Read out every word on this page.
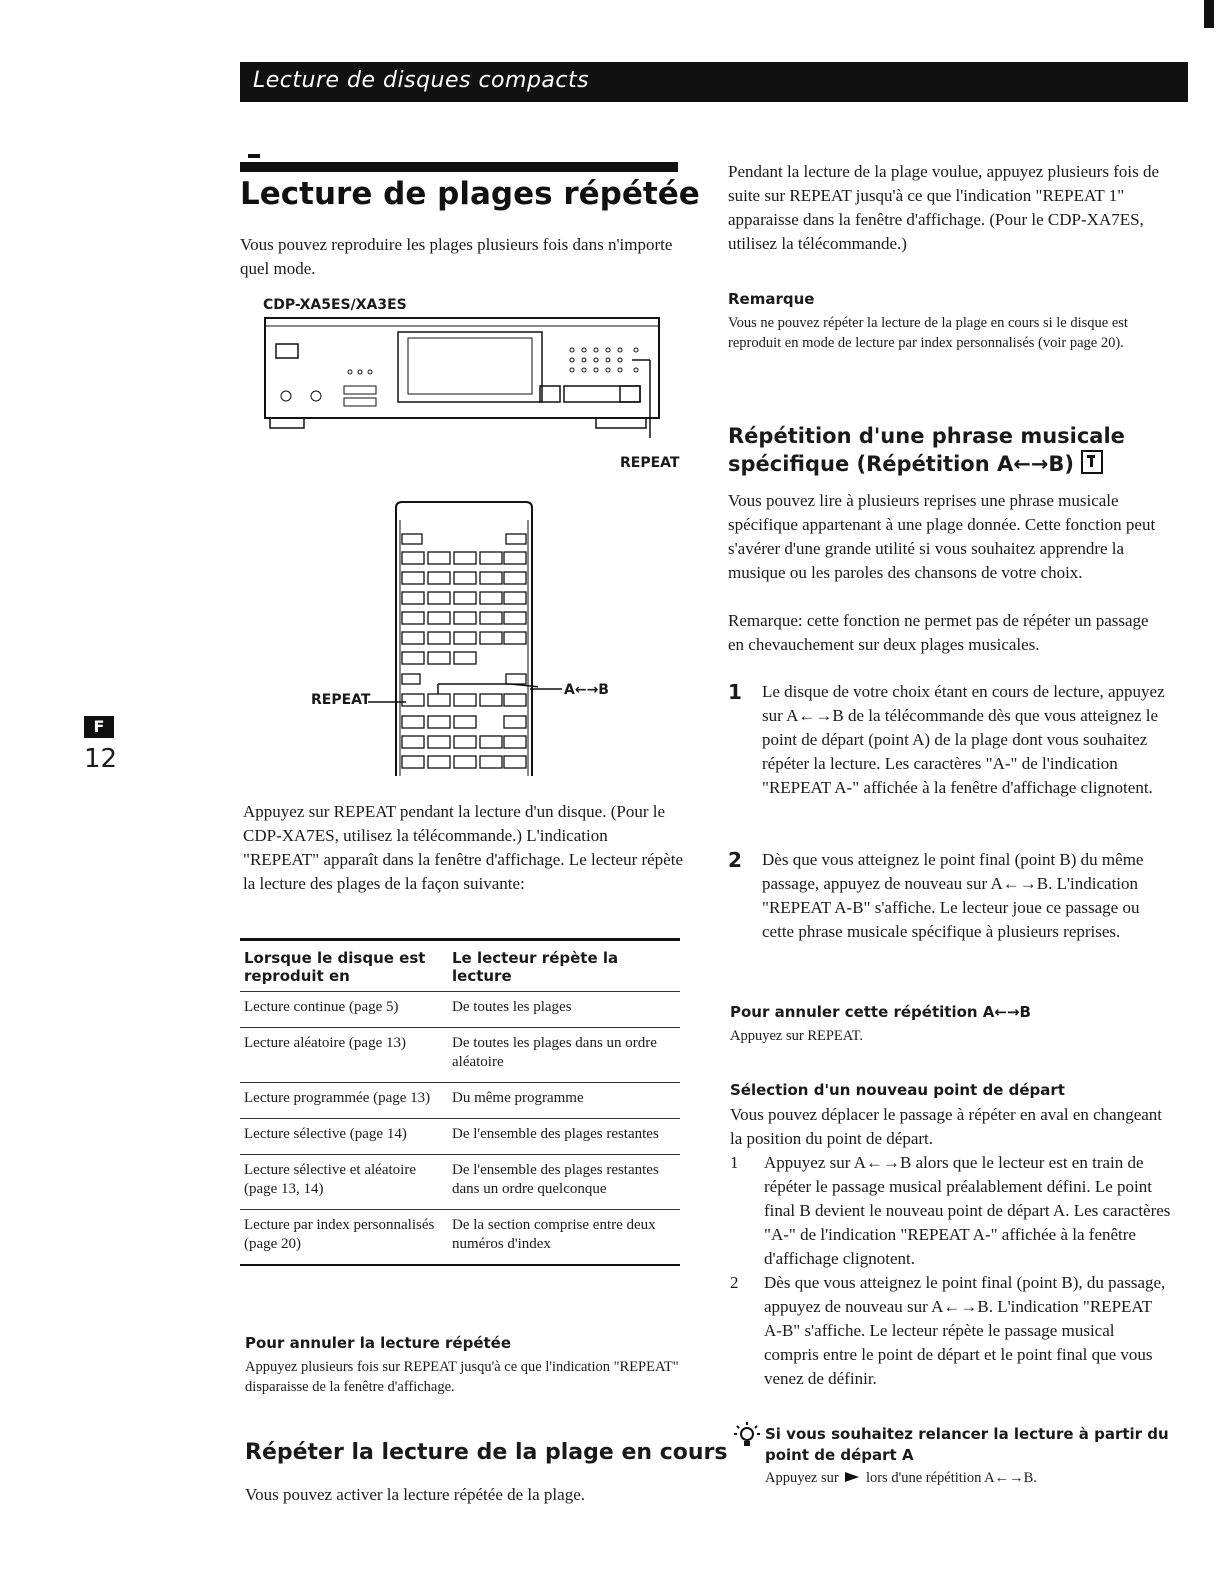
Lecture de disques compacts
F
12
Lecture de plages répétée
Vous pouvez reproduire les plages plusieurs fois dans n'importe quel mode.
CDP-XA5ES/XA3ES
REPEAT
REPEAT
A←→B
Appuyez sur REPEAT pendant la lecture d'un disque. (Pour le CDP-XA7ES, utilisez la télécommande.) L'indication "REPEAT" apparaît dans la fenêtre d'affichage. Le lecteur répète la lecture des plages de la façon suivante:
Lorsque le disque est reproduit en	Le lecteur répète la lecture
Lecture continue (page 5)	De toutes les plages
Lecture aléatoire (page 13)	De toutes les plages dans un ordre aléatoire
Lecture programmée (page 13)	Du même programme
Lecture sélective (page 14)	De l'ensemble des plages restantes
Lecture sélective et aléatoire (page 13, 14)	De l'ensemble des plages restantes dans un ordre quelconque
Lecture par index personnalisés (page 20)	De la section comprise entre deux numéros d'index
Pour annuler la lecture répétée
Appuyez plusieurs fois sur REPEAT jusqu'à ce que l'indication "REPEAT" disparaisse de la fenêtre d'affichage.
Répéter la lecture de la plage en cours
Vous pouvez activer la lecture répétée de la plage.
Pendant la lecture de la plage voulue, appuyez plusieurs fois de suite sur REPEAT jusqu'à ce que l'indication "REPEAT 1" apparaisse dans la fenêtre d'affichage. (Pour le CDP-XA7ES, utilisez la télécommande.)
Remarque
Vous ne pouvez répéter la lecture de la plage en cours si le disque est reproduit en mode de lecture par index personnalisés (voir page 20).
Répétition d'une phrase musicale
spécifique (Répétition A←→B)
Vous pouvez lire à plusieurs reprises une phrase musicale spécifique appartenant à une plage donnée. Cette fonction peut s'avérer d'une grande utilité si vous souhaitez apprendre la musique ou les paroles des chansons de votre choix.
Remarque: cette fonction ne permet pas de répéter un passage en chevauchement sur deux plages musicales.
1 Le disque de votre choix étant en cours de lecture, appuyez sur A←→B de la télécommande dès que vous atteignez le point de départ (point A) de la plage dont vous souhaitez répéter la lecture. Les caractères "A-" de l'indication "REPEAT A-" affichée à la fenêtre d'affichage clignotent.
2 Dès que vous atteignez le point final (point B) du même passage, appuyez de nouveau sur A←→B. L'indication "REPEAT A-B" s'affiche. Le lecteur joue ce passage ou cette phrase musicale spécifique à plusieurs reprises.
Pour annuler cette répétition A←→B
Appuyez sur REPEAT.
Sélection d'un nouveau point de départ
Vous pouvez déplacer le passage à répéter en aval en changeant la position du point de départ.
1 Appuyez sur A←→B alors que le lecteur est en train de répéter le passage musical préalablement défini. Le point final B devient le nouveau point de départ A. Les caractères "A-" de l'indication "REPEAT A-" affichée à la fenêtre d'affichage clignotent.
2 Dès que vous atteignez le point final (point B), du passage, appuyez de nouveau sur A←→B. L'indication "REPEAT A-B" s'affiche. Le lecteur répète le passage musical compris entre le point de départ et le point final que vous venez de définir.
Si vous souhaitez relancer la lecture à partir du point de départ A
Appuyez sur lors d'une répétition A←→B.
